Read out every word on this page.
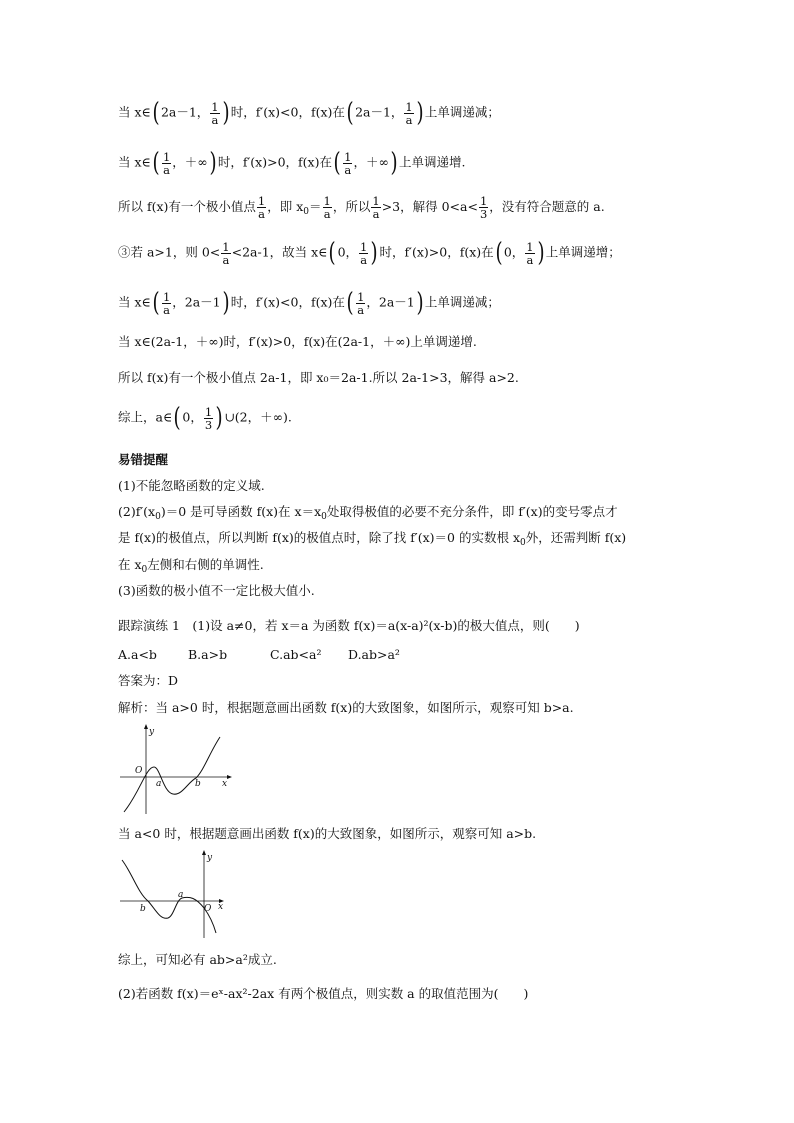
当 x∈( 2a－1， $\frac{1}{a}$ ) 时，f′(x)<0，f(x)在( 2a－1， $\frac{1}{a}$ ) 上单调递减；
当 x∈( $\frac{1}{a}$ ，＋∞) 时，f′(x)>0，f(x)在( $\frac{1}{a}$ ，＋∞) 上单调递增.
所以 f(x)有一个极小值点 $\frac{1}{a}$ ，即 $x_0= \frac{1}{a}$ ，所以 $\frac{1}{a} >3$，解得 $0<a< \frac{1}{3}$ ，没有符合题意的 a.
③若 a>1，则 $0< \frac{1}{a} <2a-1$，故当 x∈( 0， $\frac{1}{a}$ ) 时，f′(x)>0，f(x)在( 0， $\frac{1}{a}$ ) 上单调递增；
当 x∈( $\frac{1}{a}$ ，2a－1) 时，f′(x)<0，f(x)在( $\frac{1}{a}$ ，2a－1) 上单调递减；
当 x∈(2a-1，＋∞)时，f′(x)>0，f(x)在(2a-1，＋∞)上单调递增.
所以 f(x)有一个极小值点 2a-1，即 x₀＝2a-1.所以 2a-1>3，解得 a>2.
综上，a∈( 0， $\frac{1}{3}$ ) ∪(2，＋∞).
易错提醒
(1)不能忽略函数的定义域.
$(2)f'(x_0)=0$ 是可导函数 f(x)在 $x=x_0$处取得极值的必要不充分条件，即 f′(x)的变号零点才
是 f(x)的极值点，所以判断 f(x)的极值点时，除了找 f′(x)＝0 的实数根 $x_0$外，还需判断 f(x)
在 $x_0$左侧和右侧的单调性.
(3)函数的极小值不一定比极大值小.
跟踪演练 1　(1)设 a≠0，若 x＝a 为函数 f(x)＝a(x-a)²(x-b)的极大值点，则(　　)
A.a<b B.a>b	C.ab<a² D.ab>a²
答案为：D
解析：当 a>0 时，根据题意画出函数 f(x)的大致图象，如图所示，观察可知 b>a.
y
O
a	b x
当 a<0 时，根据题意画出函数 f(x)的大致图象，如图所示，观察可知 a>b.
y
O
a
b	x
综上，可知必有 ab>a²成立.
(2)若函数 f(x)＝eˣ-ax²-2ax 有两个极值点，则实数 a 的取值范围为(　　)
